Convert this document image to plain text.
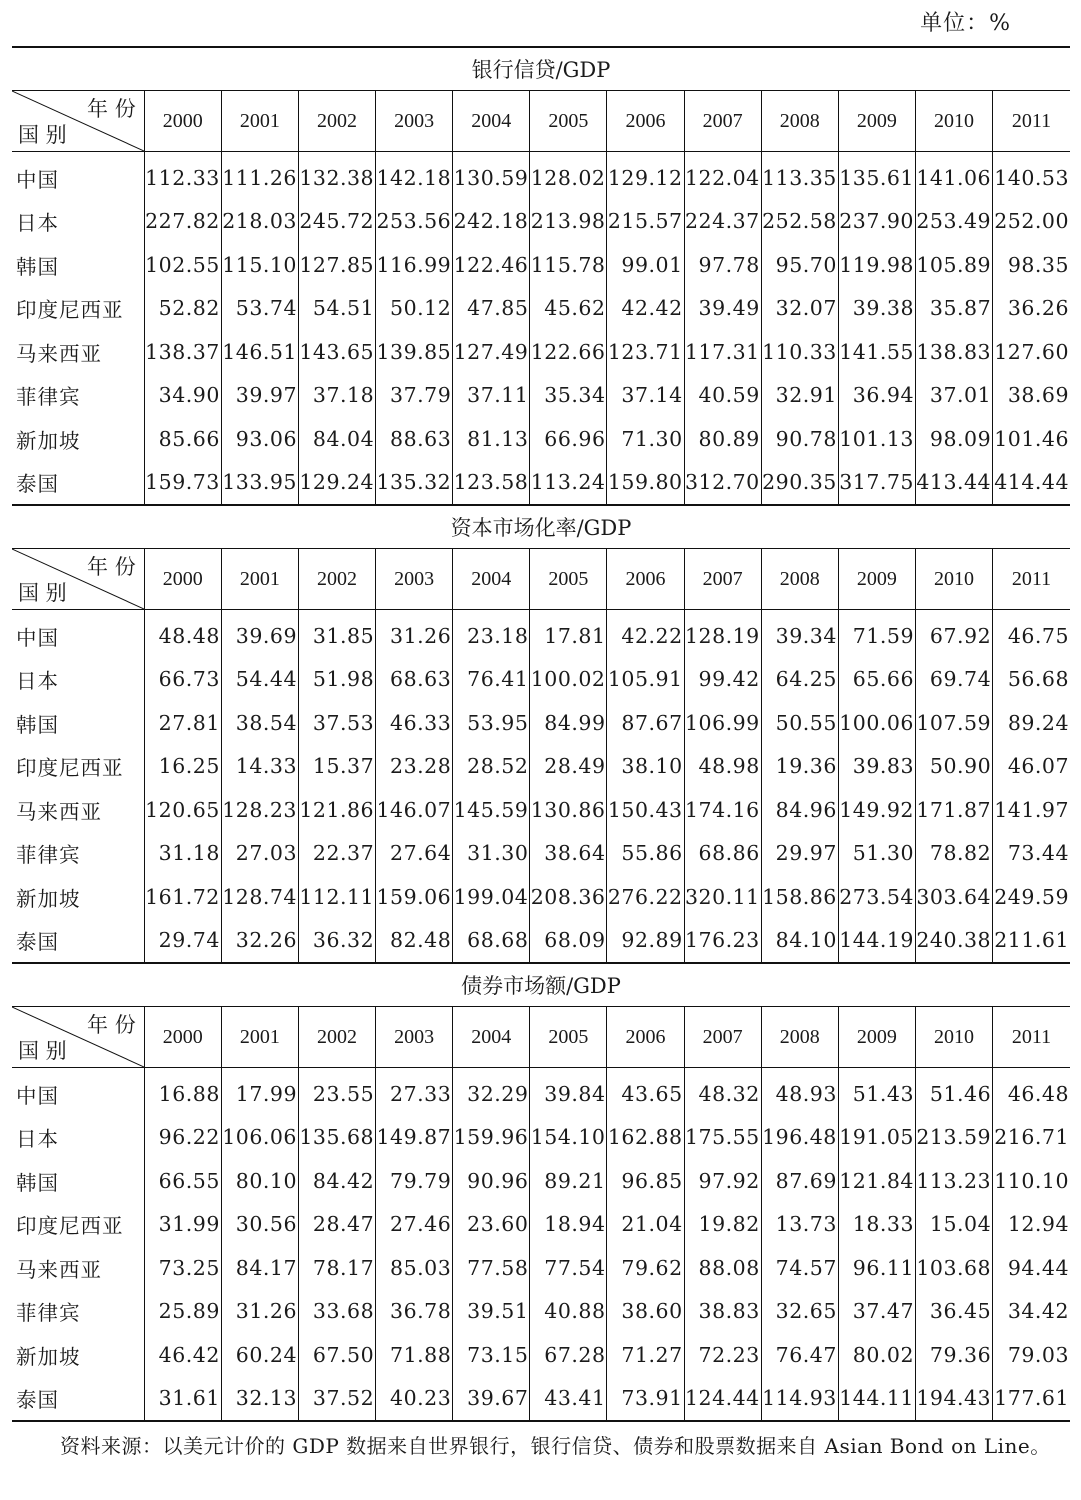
单位：%
银行信贷/GDP												

年 份
国 别	2000	2001	2002	2003	2004	2005	2006	2007	2008	2009	2010	2011
中国	112.33	111.26	132.38	142.18	130.59	128.02	129.12	122.04	113.35	135.61	141.06	140.53
日本	227.82	218.03	245.72	253.56	242.18	213.98	215.57	224.37	252.58	237.90	253.49	252.00
韩国	102.55	115.10	127.85	116.99	122.46	115.78	99.01	97.78	95.70	119.98	105.89	98.35
印度尼西亚	52.82	53.74	54.51	50.12	47.85	45.62	42.42	39.49	32.07	39.38	35.87	36.26
马来西亚	138.37	146.51	143.65	139.85	127.49	122.66	123.71	117.31	110.33	141.55	138.83	127.60
菲律宾	34.90	39.97	37.18	37.79	37.11	35.34	37.14	40.59	32.91	36.94	37.01	38.69
新加坡	85.66	93.06	84.04	88.63	81.13	66.96	71.30	80.89	90.78	101.13	98.09	101.46
泰国	159.73	133.95	129.24	135.32	123.58	113.24	159.80	312.70	290.35	317.75	413.44	414.44
资本市场化率/GDP												

年 份
国 别	2000	2001	2002	2003	2004	2005	2006	2007	2008	2009	2010	2011
中国	48.48	39.69	31.85	31.26	23.18	17.81	42.22	128.19	39.34	71.59	67.92	46.75
日本	66.73	54.44	51.98	68.63	76.41	100.02	105.91	99.42	64.25	65.66	69.74	56.68
韩国	27.81	38.54	37.53	46.33	53.95	84.99	87.67	106.99	50.55	100.06	107.59	89.24
印度尼西亚	16.25	14.33	15.37	23.28	28.52	28.49	38.10	48.98	19.36	39.83	50.90	46.07
马来西亚	120.65	128.23	121.86	146.07	145.59	130.86	150.43	174.16	84.96	149.92	171.87	141.97
菲律宾	31.18	27.03	22.37	27.64	31.30	38.64	55.86	68.86	29.97	51.30	78.82	73.44
新加坡	161.72	128.74	112.11	159.06	199.04	208.36	276.22	320.11	158.86	273.54	303.64	249.59
泰国	29.74	32.26	36.32	82.48	68.68	68.09	92.89	176.23	84.10	144.19	240.38	211.61
债券市场额/GDP												

年 份
国 别	2000	2001	2002	2003	2004	2005	2006	2007	2008	2009	2010	2011
中国	16.88	17.99	23.55	27.33	32.29	39.84	43.65	48.32	48.93	51.43	51.46	46.48
日本	96.22	106.06	135.68	149.87	159.96	154.10	162.88	175.55	196.48	191.05	213.59	216.71
韩国	66.55	80.10	84.42	79.79	90.96	89.21	96.85	97.92	87.69	121.84	113.23	110.10
印度尼西亚	31.99	30.56	28.47	27.46	23.60	18.94	21.04	19.82	13.73	18.33	15.04	12.94
马来西亚	73.25	84.17	78.17	85.03	77.58	77.54	79.62	88.08	74.57	96.11	103.68	94.44
菲律宾	25.89	31.26	33.68	36.78	39.51	40.88	38.60	38.83	32.65	37.47	36.45	34.42
新加坡	46.42	60.24	67.50	71.88	73.15	67.28	71.27	72.23	76.47	80.02	79.36	79.03
泰国	31.61	32.13	37.52	40.23	39.67	43.41	73.91	124.44	114.93	144.11	194.43	177.61
资料来源：以美元计价的 GDP 数据来自世界银行，银行信贷、债券和股票数据来自 Asian Bond on Line。
